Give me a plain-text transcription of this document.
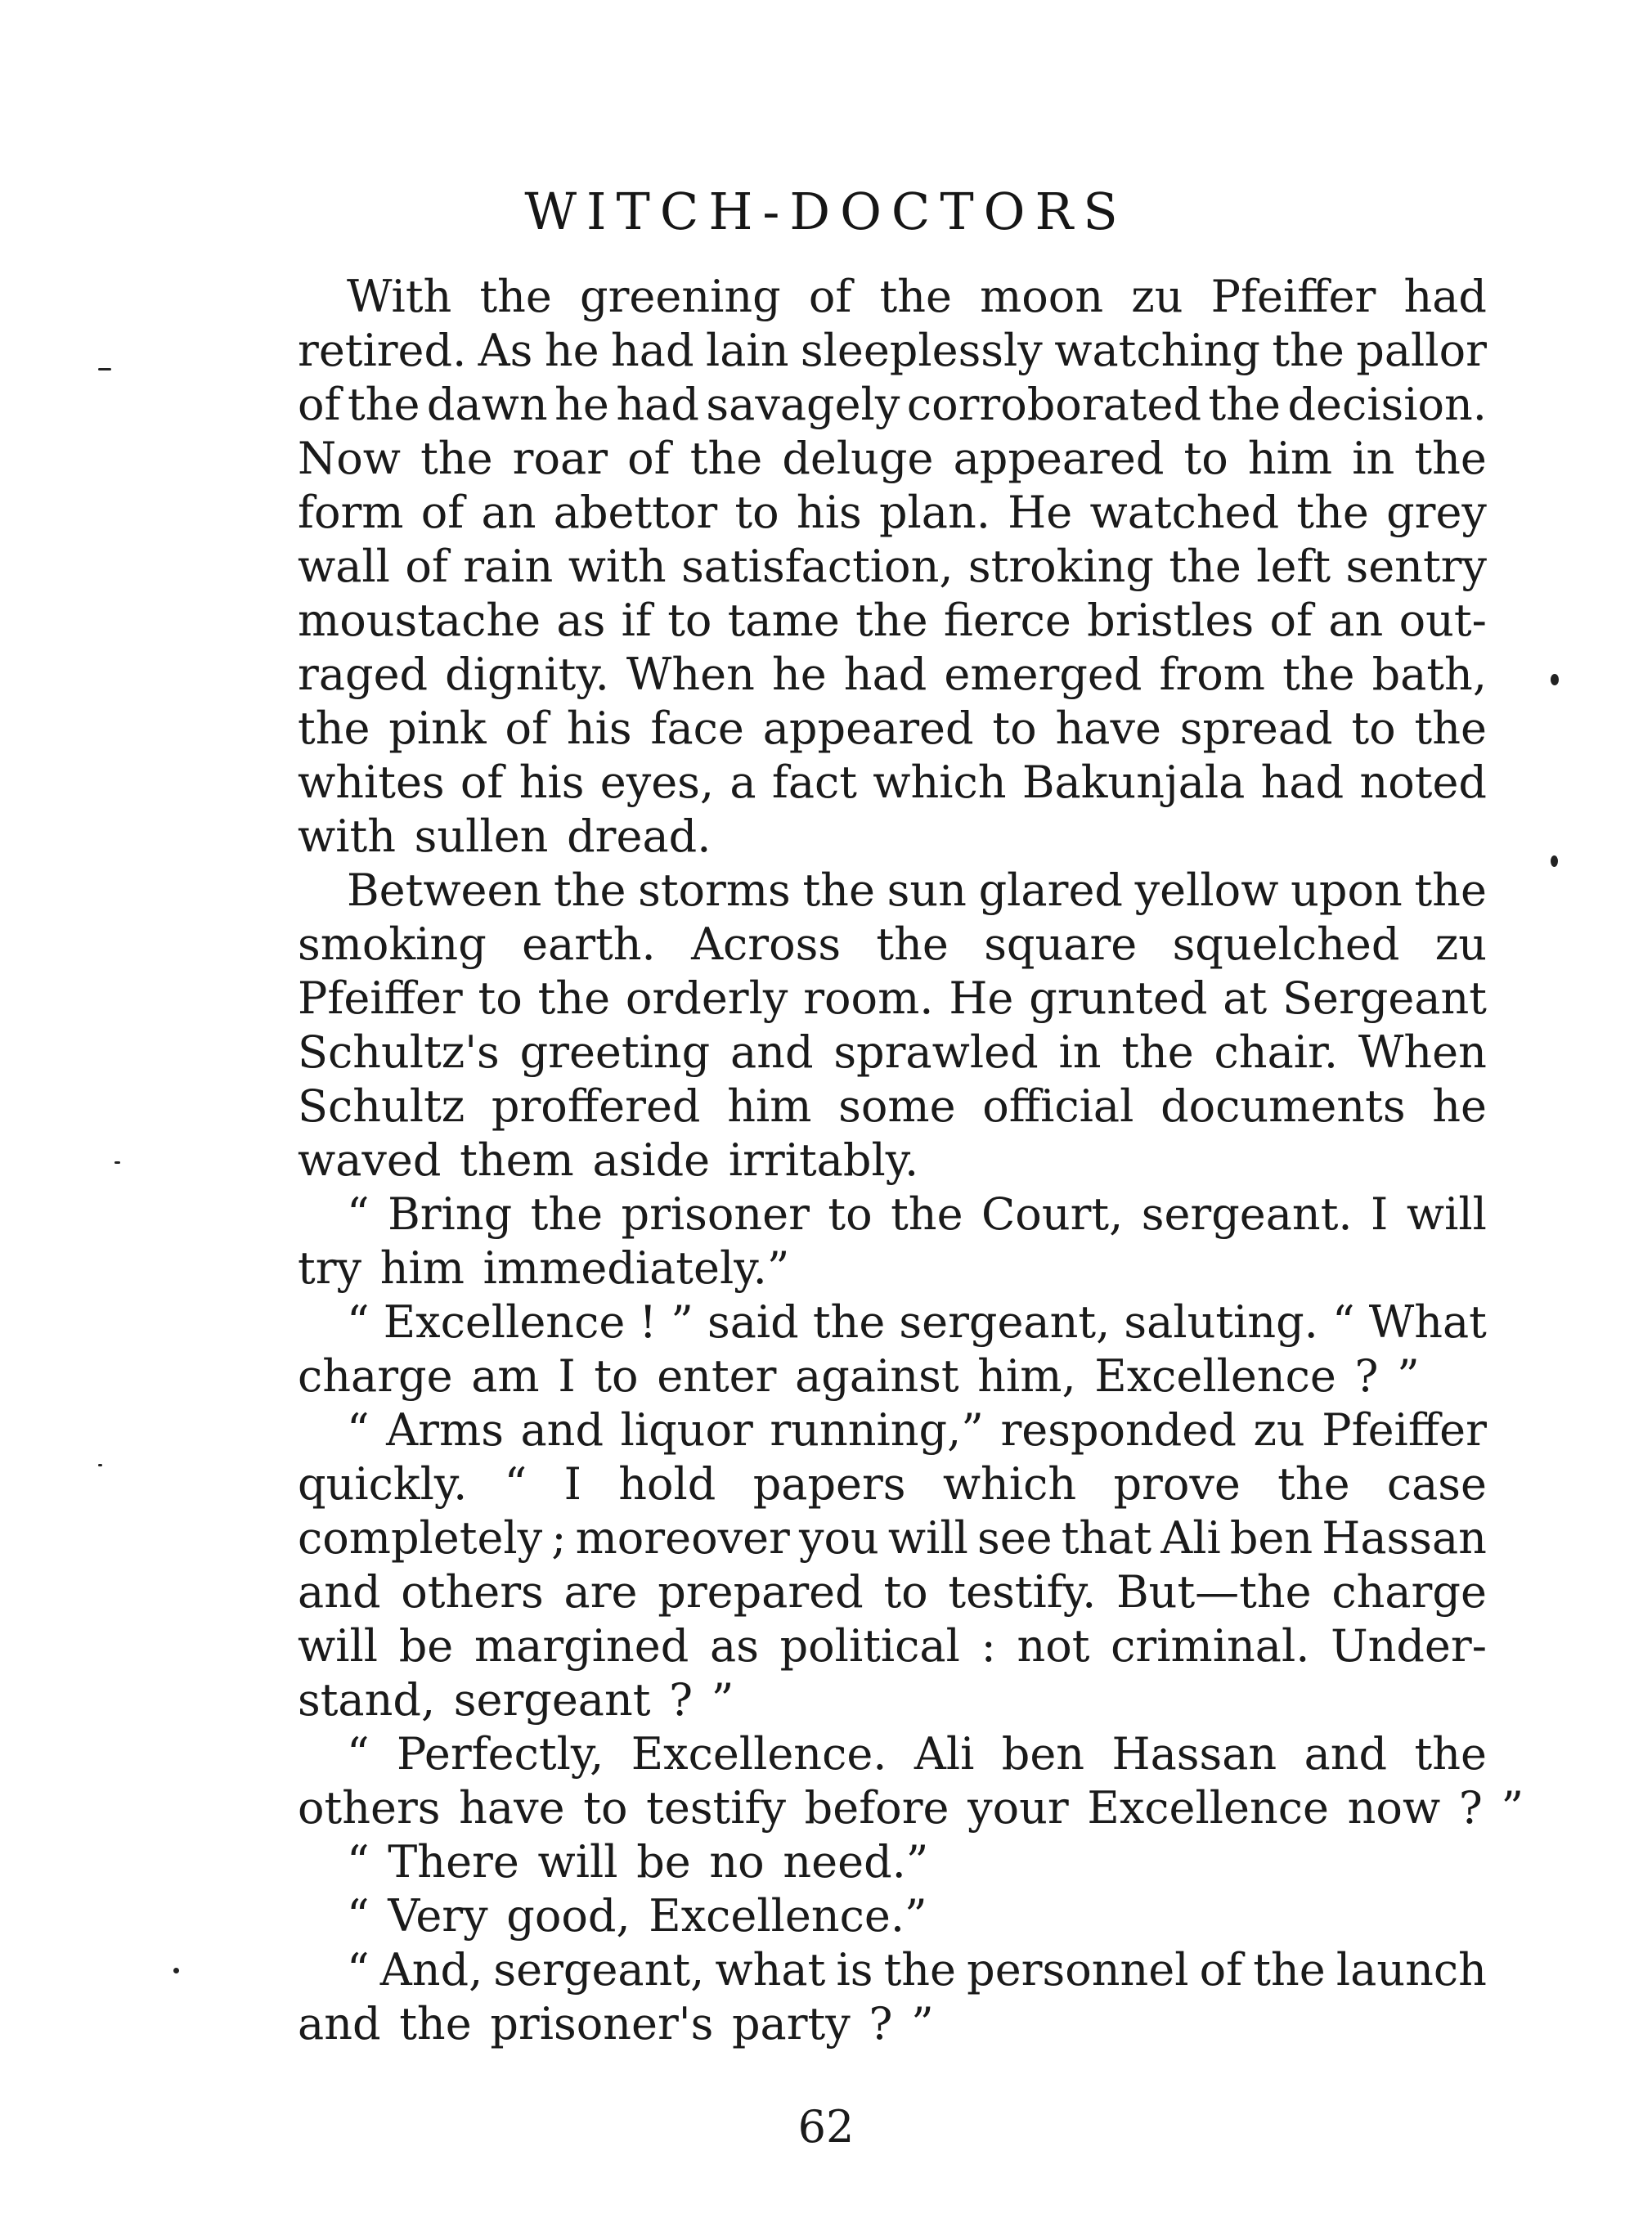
WITCH-DOCTORS
With the greening of the moon zu Pfeiffer had
retired. As he had lain sleeplessly watching the pallor
of the dawn he had savagely corroborated the decision.
Now the roar of the deluge appeared to him in the
form of an abettor to his plan. He watched the grey
wall of rain with satisfaction, stroking the left sentry
moustache as if to tame the fierce bristles of an out-
raged dignity. When he had emerged from the bath,
the pink of his face appeared to have spread to the
whites of his eyes, a fact which Bakunjala had noted
with sullen dread.
Between the storms the sun glared yellow upon the
smoking earth. Across the square squelched zu
Pfeiffer to the orderly room. He grunted at Sergeant
Schultz's greeting and sprawled in the chair. When
Schultz proffered him some official documents he
waved them aside irritably.
“ Bring the prisoner to the Court, sergeant. I will
try him immediately.”
“ Excellence ! ” said the sergeant, saluting. “ What
charge am I to enter against him, Excellence ? ”
“ Arms and liquor running,” responded zu Pfeiffer
quickly. “ I hold papers which prove the case
completely ; moreover you will see that Ali ben Hassan
and others are prepared to testify. But—the charge
will be margined as political : not criminal. Under-
stand, sergeant ? ”
“ Perfectly, Excellence. Ali ben Hassan and the
others have to testify before your Excellence now ? ”
“ There will be no need.”
“ Very good, Excellence.”
“ And, sergeant, what is the personnel of the launch
and the prisoner's party ? ”
62
